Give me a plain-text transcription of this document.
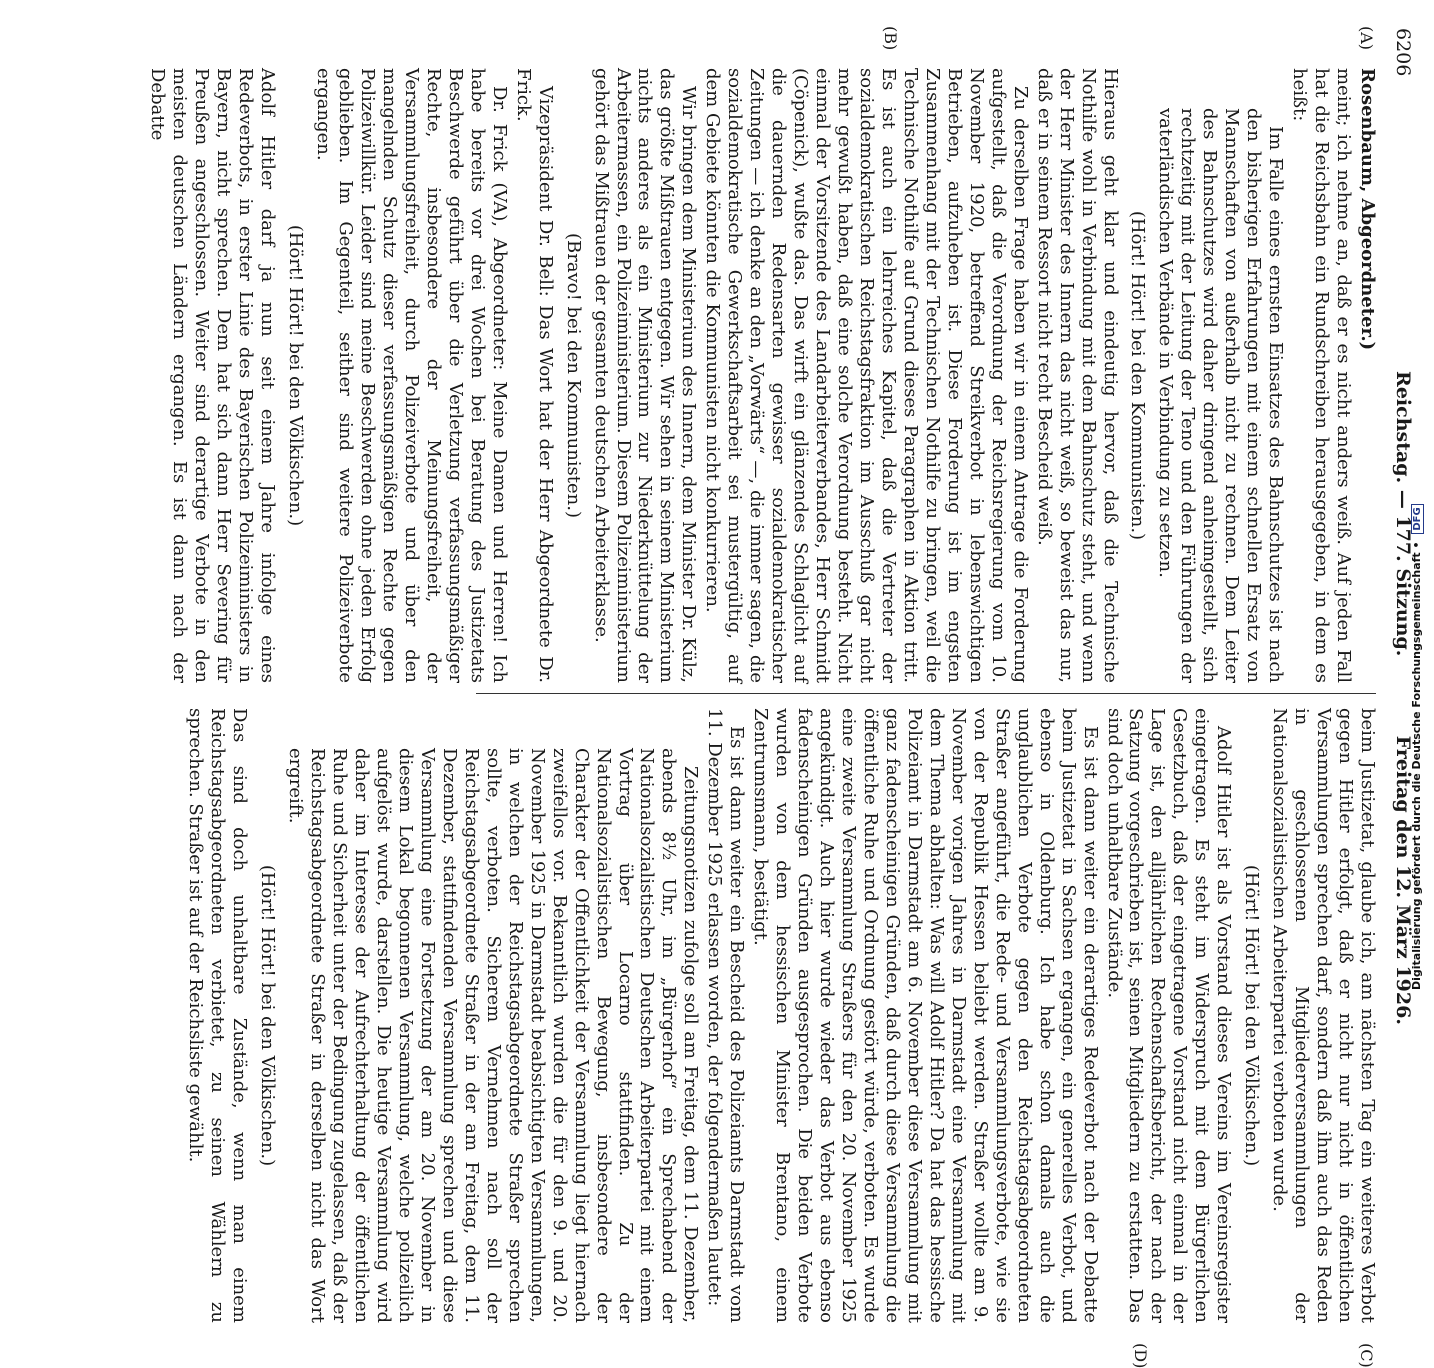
6206
Reichstag. — 177. Sitzung.            Freitag den 12. März 1926.
(A)
(B)
(C)
(D)

Rosenbaum, Abgeordneter.)

meint; ich nehme an, daß er es nicht anders weiß. Auf jeden Fall hat die Reichsbahn ein Rundschreiben herausgegeben, in dem es heißt:

Im Falle eines ernsten Einsatzes des Bahnschutzes ist nach den bisherigen Erfahrungen mit einem schnellen Ersatz von Mannschaften von außerhalb nicht zu rechnen. Dem Leiter des Bahnschutzes wird daher dringend anheimgestellt, sich rechtzeitig mit der Leitung der Teno und den Führungen der vaterländischen Verbände in Verbindung zu setzen.

(Hört! Hört! bei den Kommunisten.)

Hieraus geht klar und eindeutig hervor, daß die Technische Nothilfe wohl in Verbindung mit dem Bahnschutz steht, und wenn der Herr Minister des Innern das nicht weiß, so beweist das nur, daß er in seinem Ressort nicht recht Bescheid weiß.

Zu derselben Frage haben wir in einem Antrage die Forderung aufgestellt, daß die Verordnung der Reichsregierung vom 10. November 1920, betreffend Streikverbot in lebenswichtigen Betrieben, aufzuheben ist. Diese Forderung ist im engsten Zusammenhang mit der Technischen Nothilfe zu bringen, weil die Technische Nothilfe auf Grund dieses Paragraphen in Aktion tritt. Es ist auch ein lehrreiches Kapitel, daß die Vertreter der sozialdemokratischen Reichstagsfraktion im Ausschuß gar nicht mehr gewußt haben, daß eine solche Verordnung besteht. Nicht einmal der Vorsitzende des Landarbeiterverbandes, Herr Schmidt (Cöpenick), wußte das. Das wirft ein glänzendes Schlaglicht auf die dauernden Redensarten gewisser sozialdemokratischer Zeitungen — ich denke an den „Vorwärts“ —, die immer sagen, die sozialdemokratische Gewerkschaftsarbeit sei mustergültig, auf dem Gebiete könnten die Kommunisten nicht konkurrieren.

Wir bringen dem Ministerium des Innern, dem Minister Dr. Külz, das größte Mißtrauen entgegen. Wir sehen in seinem Ministerium nichts anderes als ein Ministerium zur Niederknüttelung der Arbeitermassen, ein Polizeiministerium. Diesem Polizeiministerium gehört das Mißtrauen der gesamten deutschen Arbeiterklasse.

(Bravo! bei den Kommunisten.)

Vizepräsident Dr. Bell: Das Wort hat der Herr Abgeordnete Dr. Frick.

Dr. Frick (VA), Abgeordneter: Meine Damen und Herren! Ich habe bereits vor drei Wochen bei Beratung des Justizetats Beschwerde geführt über die Verletzung verfassungsmäßiger Rechte, insbesondere der Meinungsfreiheit, der Versammlungsfreiheit, durch Polizeiverbote und über den mangelnden Schutz dieser verfassungsmäßigen Rechte gegen Polizeiwillkür. Leider sind meine Beschwerden ohne jeden Erfolg geblieben. Im Gegenteil, seither sind weitere Polizeiverbote ergangen.

(Hört! Hört! bei den Völkischen.)

Adolf Hitler darf ja nun seit einem Jahre infolge eines Redeverbots, in erster Linie des Bayerischen Polizeiministers in Bayern, nicht sprechen. Dem hat sich dann Herr Severing für Preußen angeschlossen. Weiter sind derartige Verbote in den meisten deutschen Ländern ergangen. Es ist dann nach der Debatte

beim Justizetat, glaube ich, am nächsten Tag ein weiteres Verbot gegen Hitler erfolgt, daß er nicht nur nicht in öffentlichen Versammlungen sprechen darf, sondern daß ihm auch das Reden in geschlossenen Mitgliederversammlungen der Nationalsozialistischen Arbeiterpartei verboten wurde.

(Hört! Hört! bei den Völkischen.)

Adolf Hitler ist als Vorstand dieses Vereins im Vereinsregister eingetragen. Es steht im Widerspruch mit dem Bürgerlichen Gesetzbuch, daß der eingetragene Vorstand nicht einmal in der Lage ist, den alljährlichen Rechenschaftsbericht, der nach der Satzung vorgeschrieben ist, seinen Mitgliedern zu erstatten. Das sind doch unhaltbare Zustände.

Es ist dann weiter ein derartiges Redeverbot nach der Debatte beim Justizetat in Sachsen ergangen, ein generelles Verbot, und ebenso in Oldenburg. Ich habe schon damals auch die unglaublichen Verbote gegen den Reichstagsabgeordneten Straßer angeführt, die Rede- und Versammlungsverbote, wie sie von der Republik Hessen beliebt werden. Straßer wollte am 9. November vorigen Jahres in Darmstadt eine Versammlung mit dem Thema abhalten: Was will Adolf Hitler? Da hat das hessische Polizeiamt in Darmstadt am 6. November diese Versammlung mit ganz fadenscheinigen Gründen, daß durch diese Versammlung die öffentliche Ruhe und Ordnung gestört würde, verboten. Es wurde eine zweite Versammlung Straßers für den 20. November 1925 angekündigt. Auch hier wurde wieder das Verbot aus ebenso fadenscheinigen Gründen ausgesprochen. Die beiden Verbote wurden von dem hessischen Minister Brentano, einem Zentrumsmann, bestätigt.

Es ist dann weiter ein Bescheid des Polizeiamts Darmstadt vom 11. Dezember 1925 erlassen worden, der folgendermaßen lautet:

Zeitungsnotizen zufolge soll am Freitag, dem 11. Dezember, abends 8½ Uhr, im „Bürgerhof“ ein Sprechabend der Nationalsozialistischen Deutschen Arbeiterpartei mit einem Vortrag über Locarno stattfinden. Zu der Nationalsozialistischen Bewegung, insbesondere der Charakter der Offentlichkeit der Versammlung liegt hiernach zweifellos vor. Bekanntlich wurden die für den 9. und 20. November 1925 in Darmstadt beabsichtigten Versammlungen, in welchen der Reichstagsabgeordnete Straßer sprechen sollte, verboten. Sicherem Vernehmen nach soll der Reichstagsabgeordnete Straßer in der am Freitag, dem 11. Dezember, stattfindenden Versammlung sprechen und diese Versammlung eine Fortsetzung der am 20. November in diesem Lokal begonnenen Versammlung, welche polizeilich aufgelöst wurde, darstellen. Die heutige Versammlung wird daher im Interesse der Aufrechterhaltung der öffentlichen Ruhe und Sicherheit unter der Bedingung zugelassen, daß der Reichstagsabgeordnete Straßer in derselben nicht das Wort ergreift.

(Hört! Hört! bei den Völkischen.)

Das sind doch unhaltbare Zustände, wenn man einem Reichstagsabgeordneten verbietet, zu seinen Wählern zu sprechen. Straßer ist auf der Reichsliste gewählt.	Digitalisierung gefördert durch die Deutsche Forschungsgemeinschaft • DFG
